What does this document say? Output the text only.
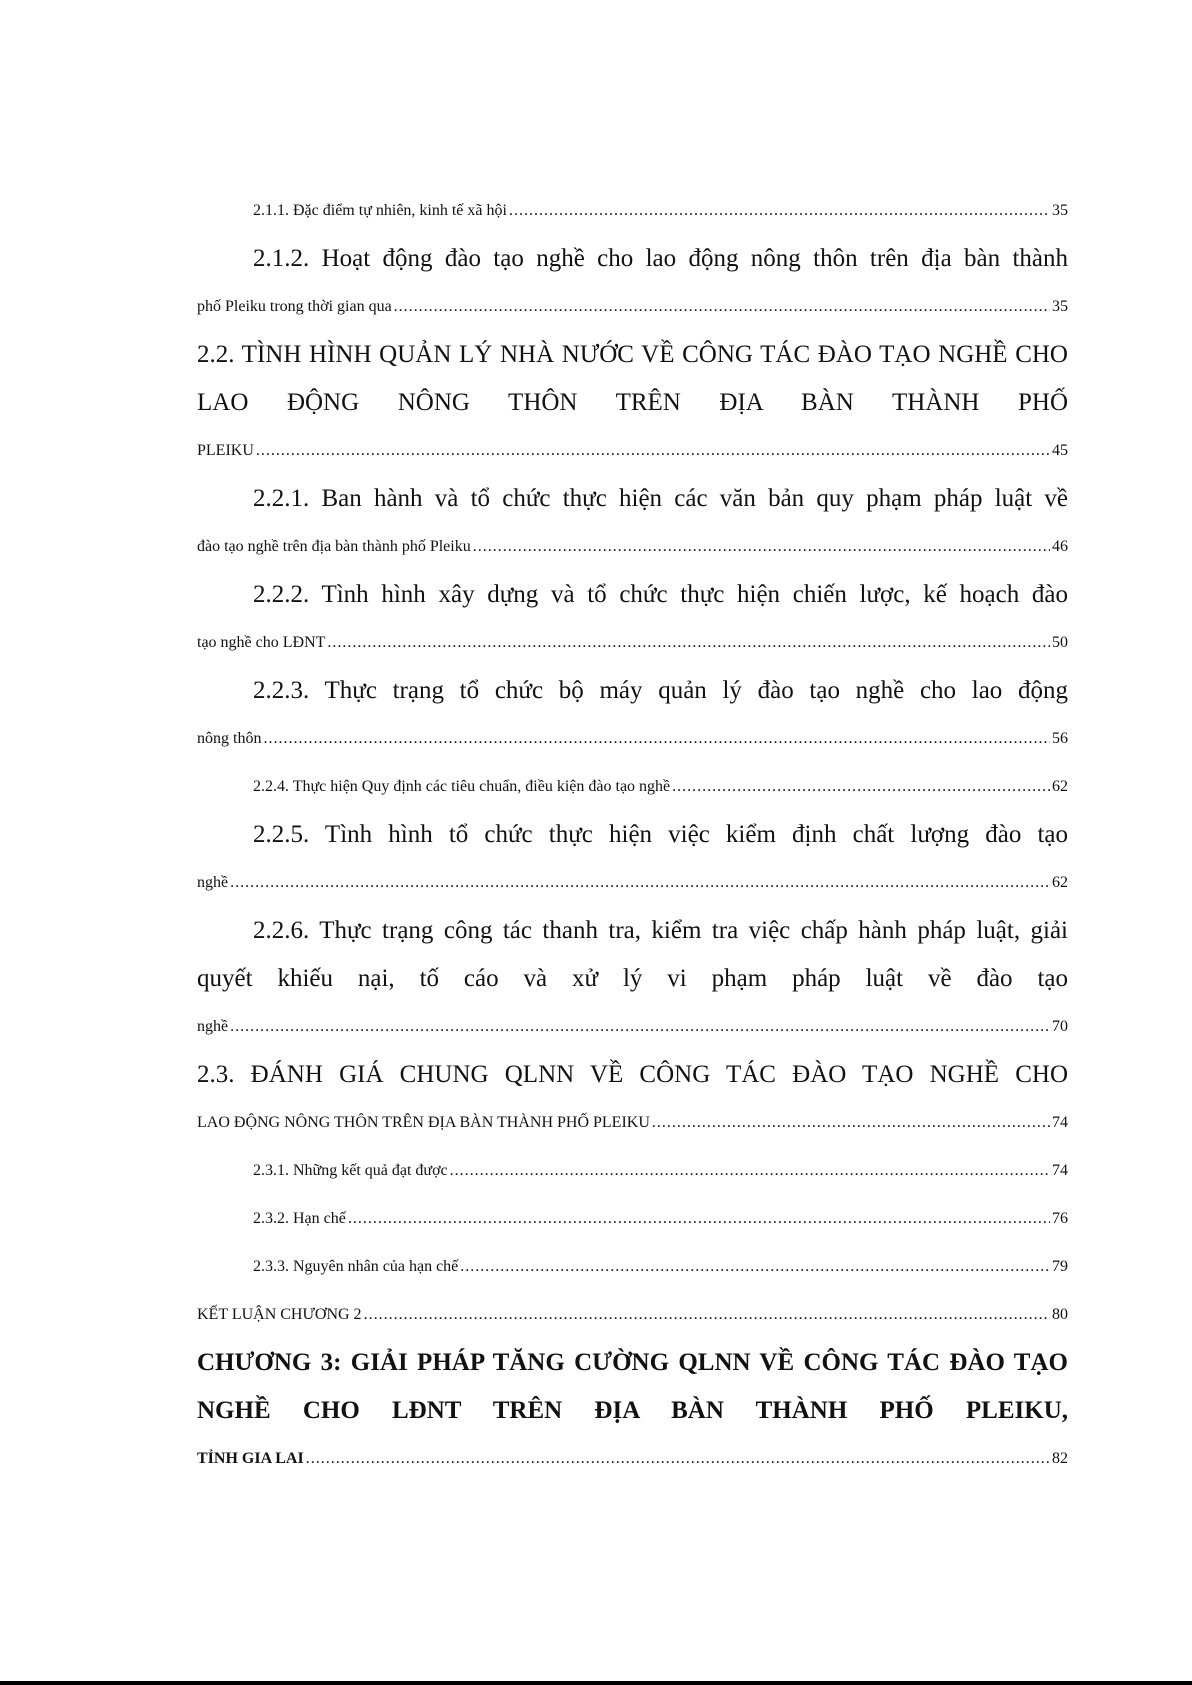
2.1.1. Đặc điểm tự nhiên, kinh tế xã hội .....	35
2.1.2. Hoạt động đào tạo nghề cho lao động nông thôn trên địa bàn thành
phố Pleiku trong thời gian qua .....	35
2.2. TÌNH HÌNH QUẢN LÝ NHÀ NƯỚC VỀ CÔNG TÁC ĐÀO TẠO NGHỀ CHO LAO ĐỘNG NÔNG THÔN TRÊN ĐỊA BÀN THÀNH PHỐ
PLEIKU .....	45
2.2.1. Ban hành và tổ chức thực hiện các văn bản quy phạm pháp luật về
đào tạo nghề trên địa bàn thành phố Pleiku .....	46
2.2.2. Tình hình xây dựng và tổ chức thực hiện chiến lược, kế hoạch đào
tạo nghề cho LĐNT .....	50
2.2.3. Thực trạng tổ chức bộ máy quản lý đào tạo nghề cho lao động
nông thôn .....	56
2.2.4. Thực hiện Quy định các tiêu chuẩn, điều kiện đào tạo nghề .....	62
2.2.5. Tình hình tổ chức thực hiện việc kiểm định chất lượng đào tạo
nghề .....	62
2.2.6. Thực trạng công tác thanh tra, kiểm tra việc chấp hành pháp luật, giải quyết khiếu nại, tố cáo và xử lý vi phạm pháp luật về đào tạo
nghề .....	70
2.3. ĐÁNH GIÁ CHUNG QLNN VỀ CÔNG TÁC ĐÀO TẠO NGHỀ CHO
LAO ĐỘNG NÔNG THÔN TRÊN ĐỊA BÀN THÀNH PHỐ PLEIKU .....	74
2.3.1. Những kết quả đạt được .....	74
2.3.2. Hạn chế .....	76
2.3.3. Nguyên nhân của hạn chế .....	79
KẾT LUẬN CHƯƠNG 2 .....	80
CHƯƠNG 3: GIẢI PHÁP TĂNG CƯỜNG QLNN VỀ CÔNG TÁC ĐÀO TẠO NGHỀ CHO LĐNT TRÊN ĐỊA BÀN THÀNH PHỐ PLEIKU,
TỈNH GIA LAI .....	82
